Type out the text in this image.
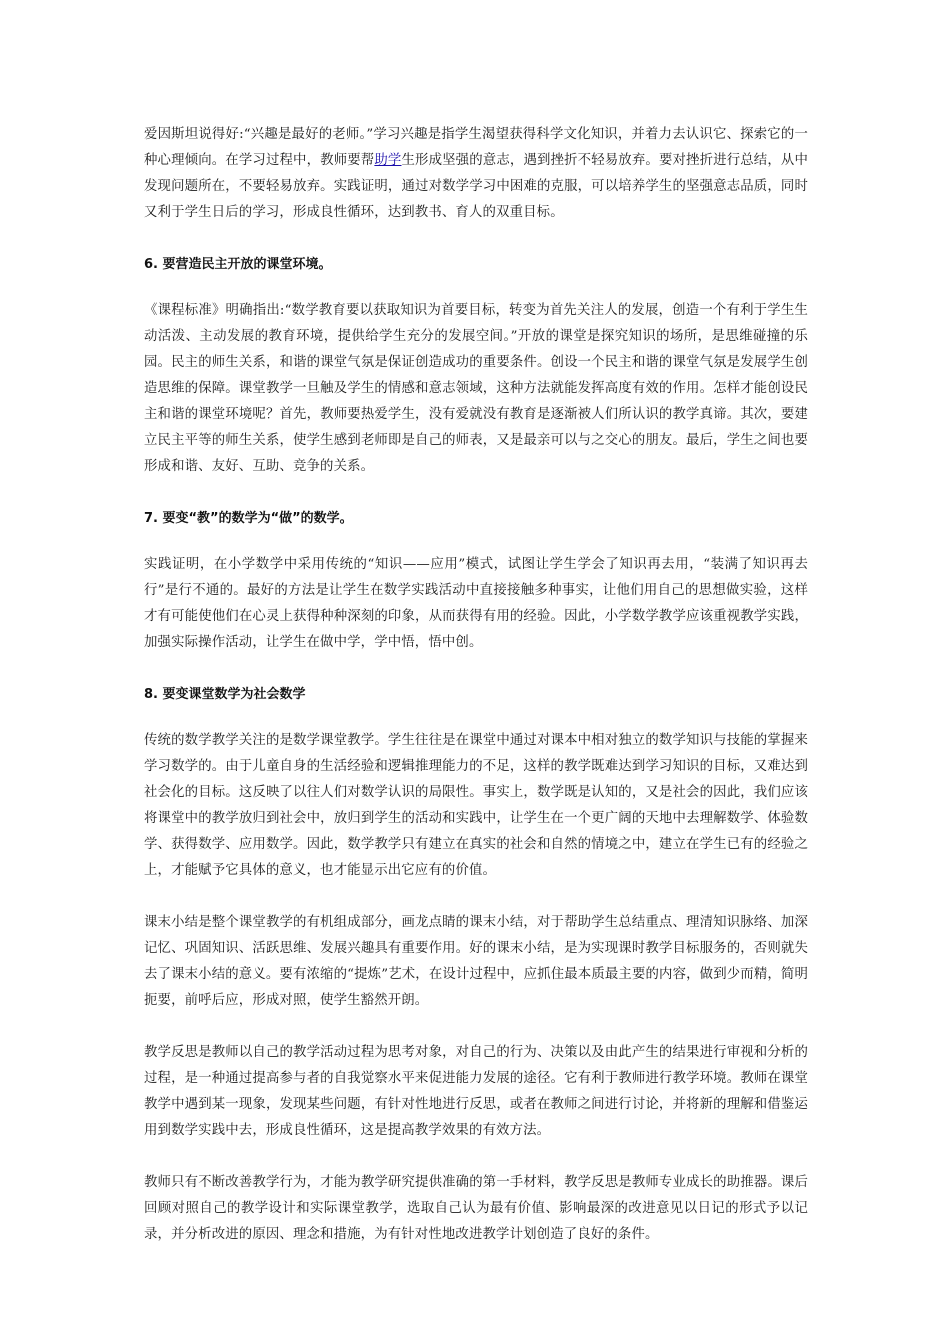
爱因斯坦说得好:“兴趣是最好的老师。”学习兴趣是指学生渴望获得科学文化知识，并着力去认识它、探索它的一种心理倾向。在学习过程中，教师要帮助学生形成坚强的意志，遇到挫折不轻易放弃。要对挫折进行总结，从中发现问题所在，不要轻易放弃。实践证明，通过对数学学习中困难的克服，可以培养学生的坚强意志品质，同时又利于学生日后的学习，形成良性循环，达到教书、育人的双重目标。

6. 要营造民主开放的课堂环境。

《课程标准》明确指出:“数学教育要以获取知识为首要目标，转变为首先关注人的发展，创造一个有利于学生生动活泼、主动发展的教育环境，提供给学生充分的发展空间。”开放的课堂是探究知识的场所，是思维碰撞的乐园。民主的师生关系，和谐的课堂气氛是保证创造成功的重要条件。创设一个民主和谐的课堂气氛是发展学生创造思维的保障。课堂教学一旦触及学生的情感和意志领域，这种方法就能发挥高度有效的作用。怎样才能创设民主和谐的课堂环境呢？首先，教师要热爱学生，没有爱就没有教育是逐渐被人们所认识的教学真谛。其次，要建立民主平等的师生关系，使学生感到老师即是自己的师表，又是最亲可以与之交心的朋友。最后，学生之间也要形成和谐、友好、互助、竞争的关系。

7. 要变“教”的数学为“做”的数学。

实践证明，在小学数学中采用传统的“知识——应用”模式，试图让学生学会了知识再去用，“装满了知识再去行”是行不通的。最好的方法是让学生在数学实践活动中直接接触多种事实，让他们用自己的思想做实验，这样才有可能使他们在心灵上获得种种深刻的印象，从而获得有用的经验。因此，小学数学教学应该重视教学实践，加强实际操作活动，让学生在做中学，学中悟，悟中创。

8. 要变课堂数学为社会数学

传统的数学教学关注的是数学课堂教学。学生往往是在课堂中通过对课本中相对独立的数学知识与技能的掌握来学习数学的。由于儿童自身的生活经验和逻辑推理能力的不足，这样的教学既难达到学习知识的目标，又难达到社会化的目标。这反映了以往人们对数学认识的局限性。事实上，数学既是认知的，又是社会的因此，我们应该将课堂中的教学放归到社会中，放归到学生的活动和实践中，让学生在一个更广阔的天地中去理解数学、体验数学、获得数学、应用数学。因此，数学教学只有建立在真实的社会和自然的情境之中，建立在学生已有的经验之上，才能赋予它具体的意义，也才能显示出它应有的价值。

课末小结是整个课堂教学的有机组成部分，画龙点睛的课末小结，对于帮助学生总结重点、理清知识脉络、加深记忆、巩固知识、活跃思维、发展兴趣具有重要作用。好的课末小结，是为实现课时教学目标服务的，否则就失去了课末小结的意义。要有浓缩的“提炼”艺术，在设计过程中，应抓住最本质最主要的内容，做到少而精，简明扼要，前呼后应，形成对照，使学生豁然开朗。

教学反思是教师以自己的教学活动过程为思考对象，对自己的行为、决策以及由此产生的结果进行审视和分析的过程，是一种通过提高参与者的自我觉察水平来促进能力发展的途径。它有利于教师进行教学环境。教师在课堂教学中遇到某一现象，发现某些问题，有针对性地进行反思，或者在教师之间进行讨论，并将新的理解和借鉴运用到数学实践中去，形成良性循环，这是提高教学效果的有效方法。

教师只有不断改善教学行为，才能为教学研究提供准确的第一手材料，教学反思是教师专业成长的助推器。课后回顾对照自己的教学设计和实际课堂教学，选取自己认为最有价值、影响最深的改进意见以日记的形式予以记录，并分析改进的原因、理念和措施，为有针对性地改进教学计划创造了良好的条件。
